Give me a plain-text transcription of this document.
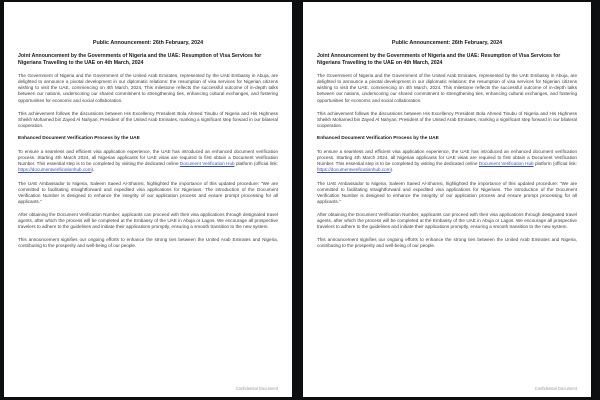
Public Announcement: 26th February, 2024
Joint Announcement by the Governments of Nigeria and the UAE: Resumption of Visa Services for Nigerians Travelling to the UAE on 4th March, 2024

The Government of Nigeria and the Government of the United Arab Emirates, represented by the UAE Embassy in Abuja, are delighted to announce a pivotal development in our diplomatic relations: the resumption of visa services for Nigerian citizens wishing to visit the UAE, commencing on 4th March, 2024. This milestone reflects the successful outcome of in-depth talks between our nations, underscoring our shared commitment to strengthening ties, enhancing cultural exchanges, and fostering opportunities for economic and social collaboration.

This achievement follows the discussions between His Excellency President Bola Ahmed Tinubu of Nigeria and His Highness Sheikh Mohamed bin Zayed Al Nahyan, President of the United Arab Emirates, marking a significant step forward in our bilateral cooperation.

Enhanced Document Verification Process by the UAE

To ensure a seamless and efficient visa application experience, the UAE has introduced an enhanced document verification process. Starting 4th March 2024, all Nigerian applicants for UAE visas are required to first obtain a Document Verification Number. This essential step is to be completed by visiting the dedicated online Document Verification Hub platform (official link: https://documentverificationhub.com).

The UAE Ambassador to Nigeria, Saleem Saeed Al-Shamsi, highlighted the importance of this updated procedure: "We are committed to facilitating straightforward and expedited visa applications for Nigerians. The introduction of the Document Verification Number is designed to enhance the integrity of our application process and ensure prompt processing for all applicants."

After obtaining the Document Verification Number, applicants can proceed with their visa applications through designated travel agents, after which the process will be completed at the Embassy of the UAE in Abuja or Lagos. We encourage all prospective travelers to adhere to the guidelines and initiate their applications promptly, ensuring a smooth transition to the new system.

This announcement signifies our ongoing efforts to enhance the strong ties between the United Arab Emirates and Nigeria, contributing to the prosperity and well-being of our people.

Confidential Document
Public Announcement: 26th February, 2024
Joint Announcement by the Governments of Nigeria and the UAE: Resumption of Visa Services for Nigerians Travelling to the UAE on 4th March, 2024

The Government of Nigeria and the Government of the United Arab Emirates, represented by the UAE Embassy in Abuja, are delighted to announce a pivotal development in our diplomatic relations: the resumption of visa services for Nigerian citizens wishing to visit the UAE, commencing on 4th March, 2024. This milestone reflects the successful outcome of in-depth talks between our nations, underscoring our shared commitment to strengthening ties, enhancing cultural exchanges, and fostering opportunities for economic and social collaboration.

This achievement follows the discussions between His Excellency President Bola Ahmed Tinubu of Nigeria and His Highness Sheikh Mohamed bin Zayed Al Nahyan, President of the United Arab Emirates, marking a significant step forward in our bilateral cooperation.

Enhanced Document Verification Process by the UAE

To ensure a seamless and efficient visa application experience, the UAE has introduced an enhanced document verification process. Starting 4th March 2024, all Nigerian applicants for UAE visas are required to first obtain a Document Verification Number. This essential step is to be completed by visiting the dedicated online Document Verification Hub platform (official link: https://documentverificationhub.com).

The UAE Ambassador to Nigeria, Saleem Saeed Al-Shamsi, highlighted the importance of this updated procedure: "We are committed to facilitating straightforward and expedited visa applications for Nigerians. The introduction of the Document Verification Number is designed to enhance the integrity of our application process and ensure prompt processing for all applicants."

After obtaining the Document Verification Number, applicants can proceed with their visa applications through designated travel agents, after which the process will be completed at the Embassy of the UAE in Abuja or Lagos. We encourage all prospective travelers to adhere to the guidelines and initiate their applications promptly, ensuring a smooth transition to the new system.

This announcement signifies our ongoing efforts to enhance the strong ties between the United Arab Emirates and Nigeria, contributing to the prosperity and well-being of our people.

Confidential Document
